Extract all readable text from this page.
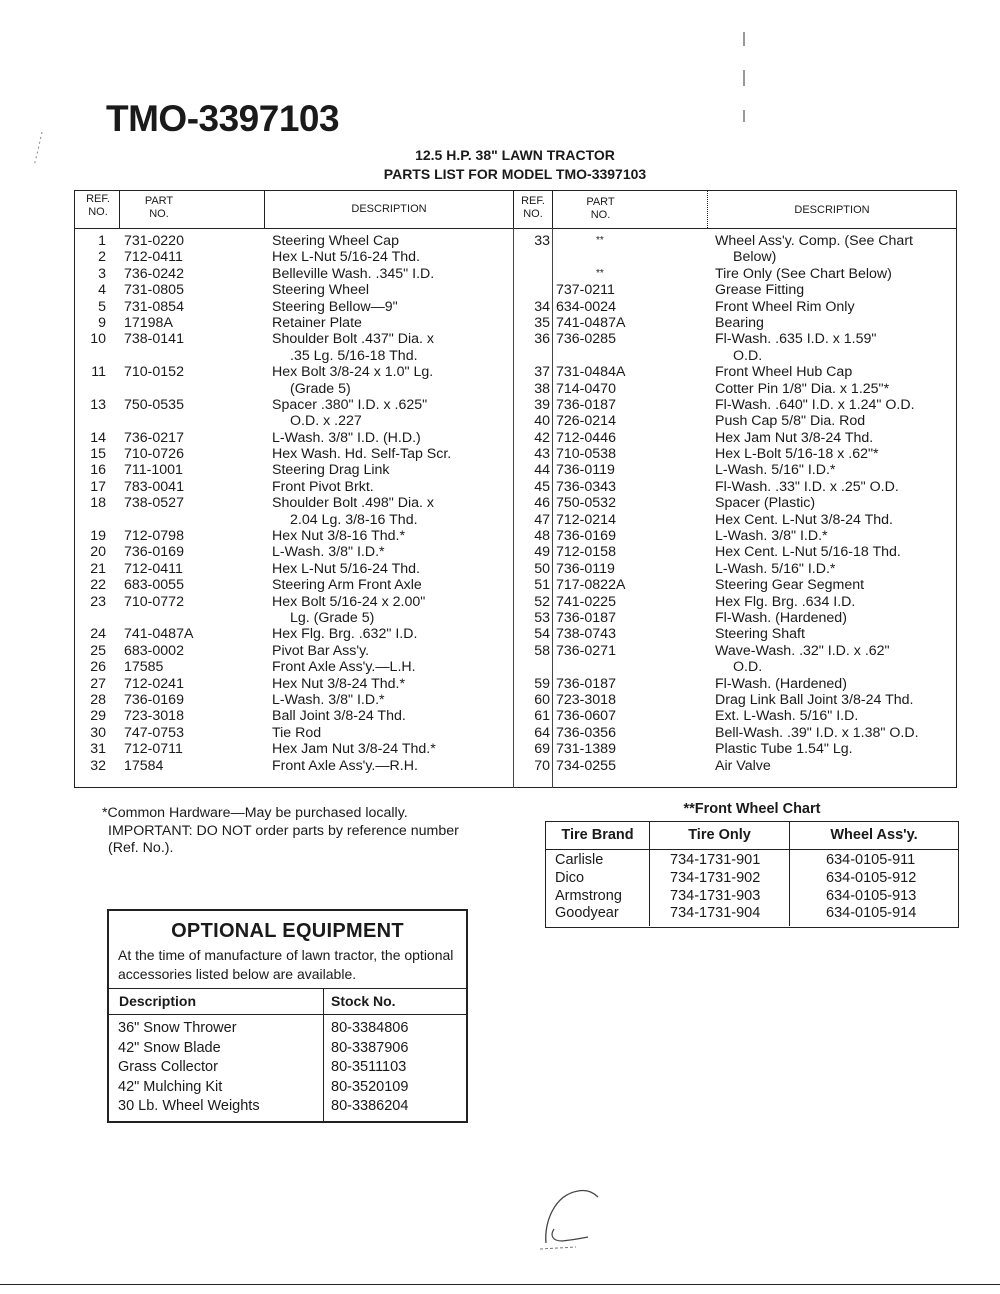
TMO-3397103
12.5 H.P. 38" LAWN TRACTOR
PARTS LIST FOR MODEL TMO-3397103
REF.
NO.
PART
NO.	DESCRIPTION
REF.
NO.
PART
NO.	DESCRIPTION
1 731-0220	Steering Wheel Cap
2 712-0411	Hex L-Nut 5/16-24 Thd.
3 736-0242	Belleville Wash. .345" I.D.
4 731-0805	Steering Wheel
5 731-0854	Steering Bellow—9"
9 17198A	Retainer Plate
10 738-0141	Shoulder Bolt .437" Dia. x
.35 Lg. 5/16-18 Thd.
11 710-0152	Hex Bolt 3/8-24 x 1.0" Lg.
(Grade 5)
13 750-0535	Spacer .380" I.D. x .625"
O.D. x .227
14 736-0217	L-Wash. 3/8" I.D. (H.D.)
15 710-0726	Hex Wash. Hd. Self-Tap Scr.
16 711-1001	Steering Drag Link
17 783-0041	Front Pivot Brkt.
18 738-0527	Shoulder Bolt .498" Dia. x
2.04 Lg. 3/8-16 Thd.
19 712-0798	Hex Nut 3/8-16 Thd.*
20 736-0169	L-Wash. 3/8" I.D.*
21 712-0411	Hex L-Nut 5/16-24 Thd.
22 683-0055	Steering Arm Front Axle
23 710-0772	Hex Bolt 5/16-24 x 2.00"
Lg. (Grade 5)
24 741-0487A	Hex Flg. Brg. .632" I.D.
25 683-0002	Pivot Bar Ass'y.
26 17585	Front Axle Ass'y.—L.H.
27 712-0241	Hex Nut 3/8-24 Thd.*
28 736-0169	L-Wash. 3/8" I.D.*
29 723-3018	Ball Joint 3/8-24 Thd.
30 747-0753	Tie Rod
31 712-0711	Hex Jam Nut 3/8-24 Thd.*
32 17584	Front Axle Ass'y.—R.H.
33	**	Wheel Ass'y. Comp. (See Chart
Below)
**	Tire Only (See Chart Below)
737-0211	Grease Fitting
34 634-0024	Front Wheel Rim Only
35 741-0487A	Bearing
36 736-0285	Fl-Wash. .635 I.D. x 1.59"
O.D.
37 731-0484A	Front Wheel Hub Cap
38 714-0470	Cotter Pin 1/8" Dia. x 1.25"*
39 736-0187	Fl-Wash. .640" I.D. x 1.24" O.D.
40 726-0214	Push Cap 5/8" Dia. Rod
42 712-0446	Hex Jam Nut 3/8-24 Thd.
43 710-0538	Hex L-Bolt 5/16-18 x .62"*
44 736-0119	L-Wash. 5/16" I.D.*
45 736-0343	Fl-Wash. .33" I.D. x .25" O.D.
46 750-0532	Spacer (Plastic)
47 712-0214	Hex Cent. L-Nut 3/8-24 Thd.
48 736-0169	L-Wash. 3/8" I.D.*
49 712-0158	Hex Cent. L-Nut 5/16-18 Thd.
50 736-0119	L-Wash. 5/16" I.D.*
51 717-0822A	Steering Gear Segment
52 741-0225	Hex Flg. Brg. .634 I.D.
53 736-0187	Fl-Wash. (Hardened)
54 738-0743	Steering Shaft
58 736-0271	Wave-Wash. .32" I.D. x .62"
O.D.
59 736-0187	Fl-Wash. (Hardened)
60 723-3018	Drag Link Ball Joint 3/8-24 Thd.
61 736-0607	Ext. L-Wash. 5/16" I.D.
64 736-0356	Bell-Wash. .39" I.D. x 1.38" O.D.
69 731-1389	Plastic Tube 1.54" Lg.
70 734-0255	Air Valve
*Common Hardware—May be purchased locally. IMPORTANT: DO NOT order parts by reference number (Ref. No.).
OPTIONAL EQUIPMENT
At the time of manufacture of lawn tractor, the optional accessories listed below are available.
Description	Stock No.
36" Snow Thrower	80-3384806
42" Snow Blade	80-3387906
Grass Collector	80-3511103
42" Mulching Kit	80-3520109
30 Lb. Wheel Weights	80-3386204
**Front Wheel Chart
Tire Brand	Tire Only	Wheel Ass'y.
Carlisle	734-1731-901	634-0105-911
Dico	734-1731-902	634-0105-912
Armstrong	734-1731-903	634-0105-913
Goodyear	734-1731-904	634-0105-914
